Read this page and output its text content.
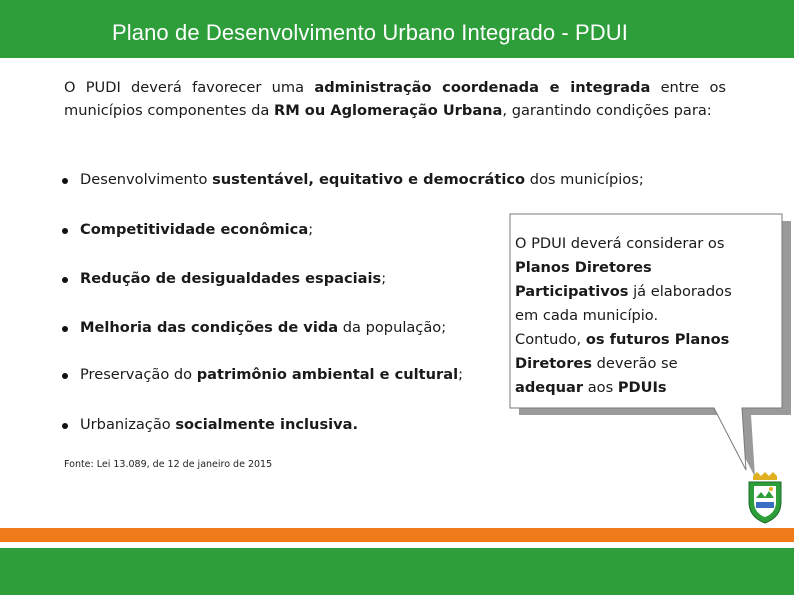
Plano de Desenvolvimento Urbano Integrado - PDUI
O PUDI deverá favorecer uma administração coordenada e integrada entre os municípios componentes da RM ou Aglomeração Urbana, garantindo condições para:
Desenvolvimento sustentável, equitativo e democrático dos municípios;
Competitividade econômica;
Redução de desigualdades espaciais;
Melhoria das condições de vida da população;
Preservação do patrimônio ambiental e cultural;
Urbanização socialmente inclusiva.
Fonte: Lei 13.089, de 12 de janeiro de 2015

O PDUI deverá considerar os

Planos Diretores

Participativos já elaborados

em cada município.

Contudo, os futuros Planos

Diretores deverão se

adequar aos PDUIs
